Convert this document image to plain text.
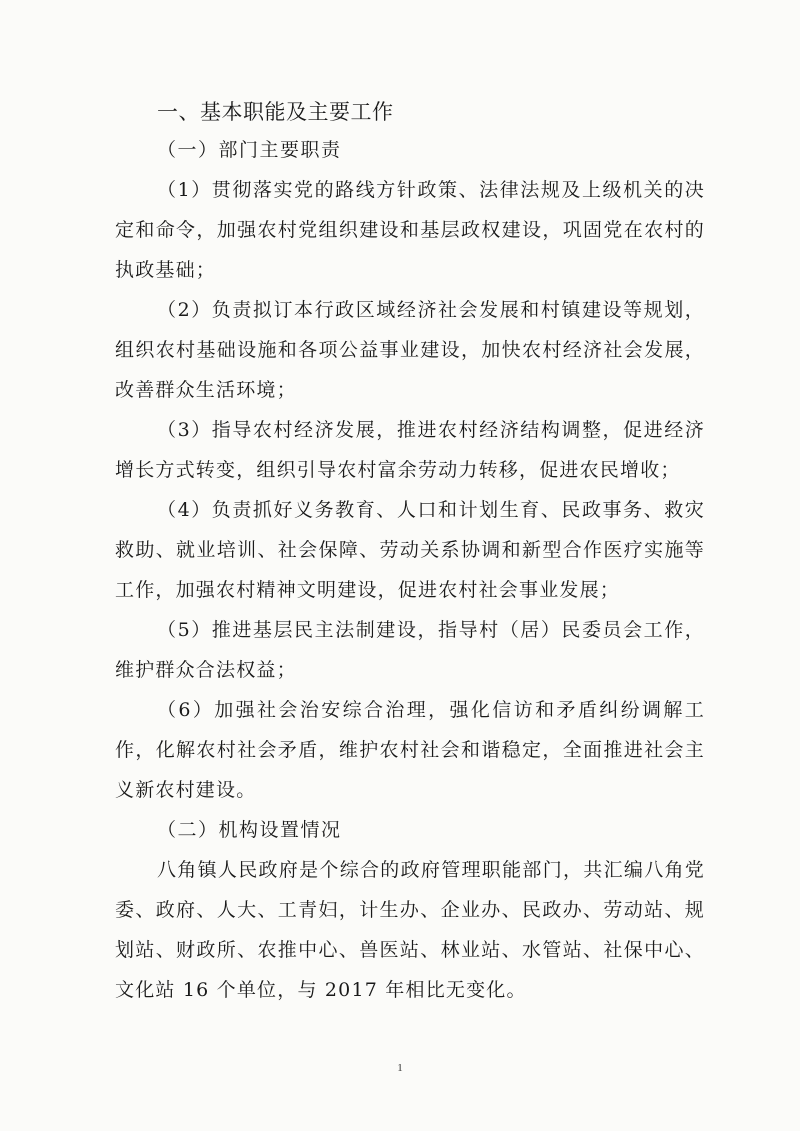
一、基本职能及主要工作
（一）部门主要职责

（1）贯彻落实党的路线方针政策、法律法规及上级机关的决定和命令，加强农村党组织建设和基层政权建设，巩固党在农村的执政基础；

（2）负责拟订本行政区域经济社会发展和村镇建设等规划，组织农村基础设施和各项公益事业建设，加快农村经济社会发展，改善群众生活环境；

（3）指导农村经济发展，推进农村经济结构调整，促进经济增长方式转变，组织引导农村富余劳动力转移，促进农民增收；

（4）负责抓好义务教育、人口和计划生育、民政事务、救灾救助、就业培训、社会保障、劳动关系协调和新型合作医疗实施等工作，加强农村精神文明建设，促进农村社会事业发展；

（5）推进基层民主法制建设，指导村（居）民委员会工作，维护群众合法权益；

（6）加强社会治安综合治理，强化信访和矛盾纠纷调解工作，化解农村社会矛盾，维护农村社会和谐稳定，全面推进社会主义新农村建设。

（二）机构设置情况

八角镇人民政府是个综合的政府管理职能部门，共汇编八角党委、政府、人大、工青妇，计生办、企业办、民政办、劳动站、规划站、财政所、农推中心、兽医站、林业站、水管站、社保中心、文化站 16 个单位，与 2017 年相比无变化。

1
